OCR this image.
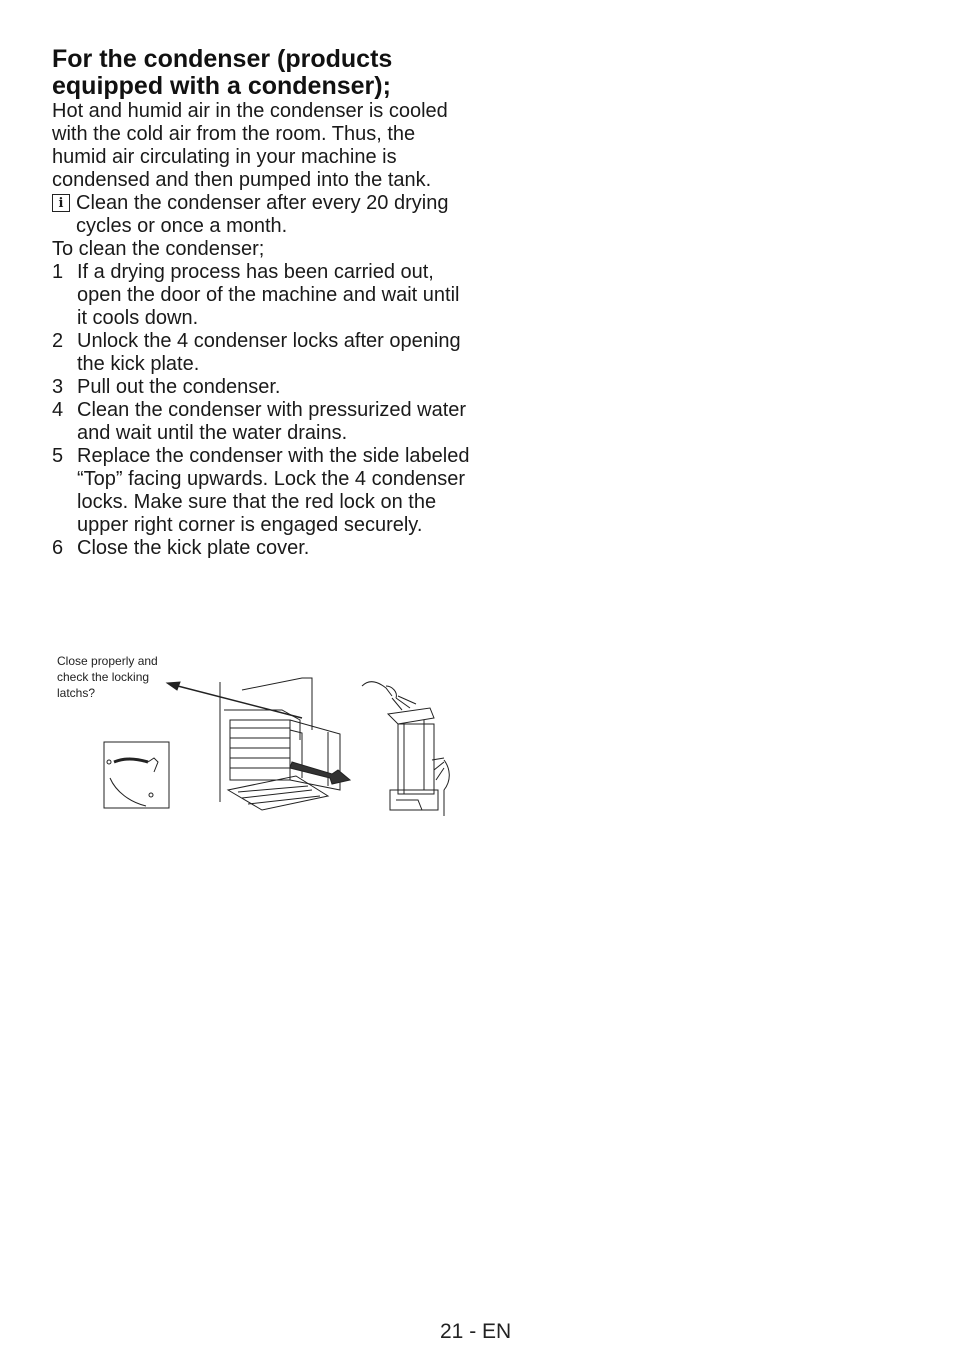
For the condenser (products equipped with a condenser);

Hot and humid air in the condenser is cooled with the cold air from the room. Thus, the humid air circulating in your machine is condensed and then pumped into the tank.

i Clean the condenser after every 20 drying cycles or once a month.

To clean the condenser;

1 If a drying process has been carried out, open the door of the machine and wait until it cools down.
2 Unlock the 4 condenser locks after opening the kick plate.
3 Pull out the condenser.
4 Clean the condenser with pressurized water and wait until the water drains.
5 Replace the condenser with the side labeled “Top” facing upwards. Lock the 4 condenser locks. Make sure that the red lock on the upper right corner is engaged securely.
6 Close the kick plate cover.
Close properly and check the locking latchs?
21 - EN
